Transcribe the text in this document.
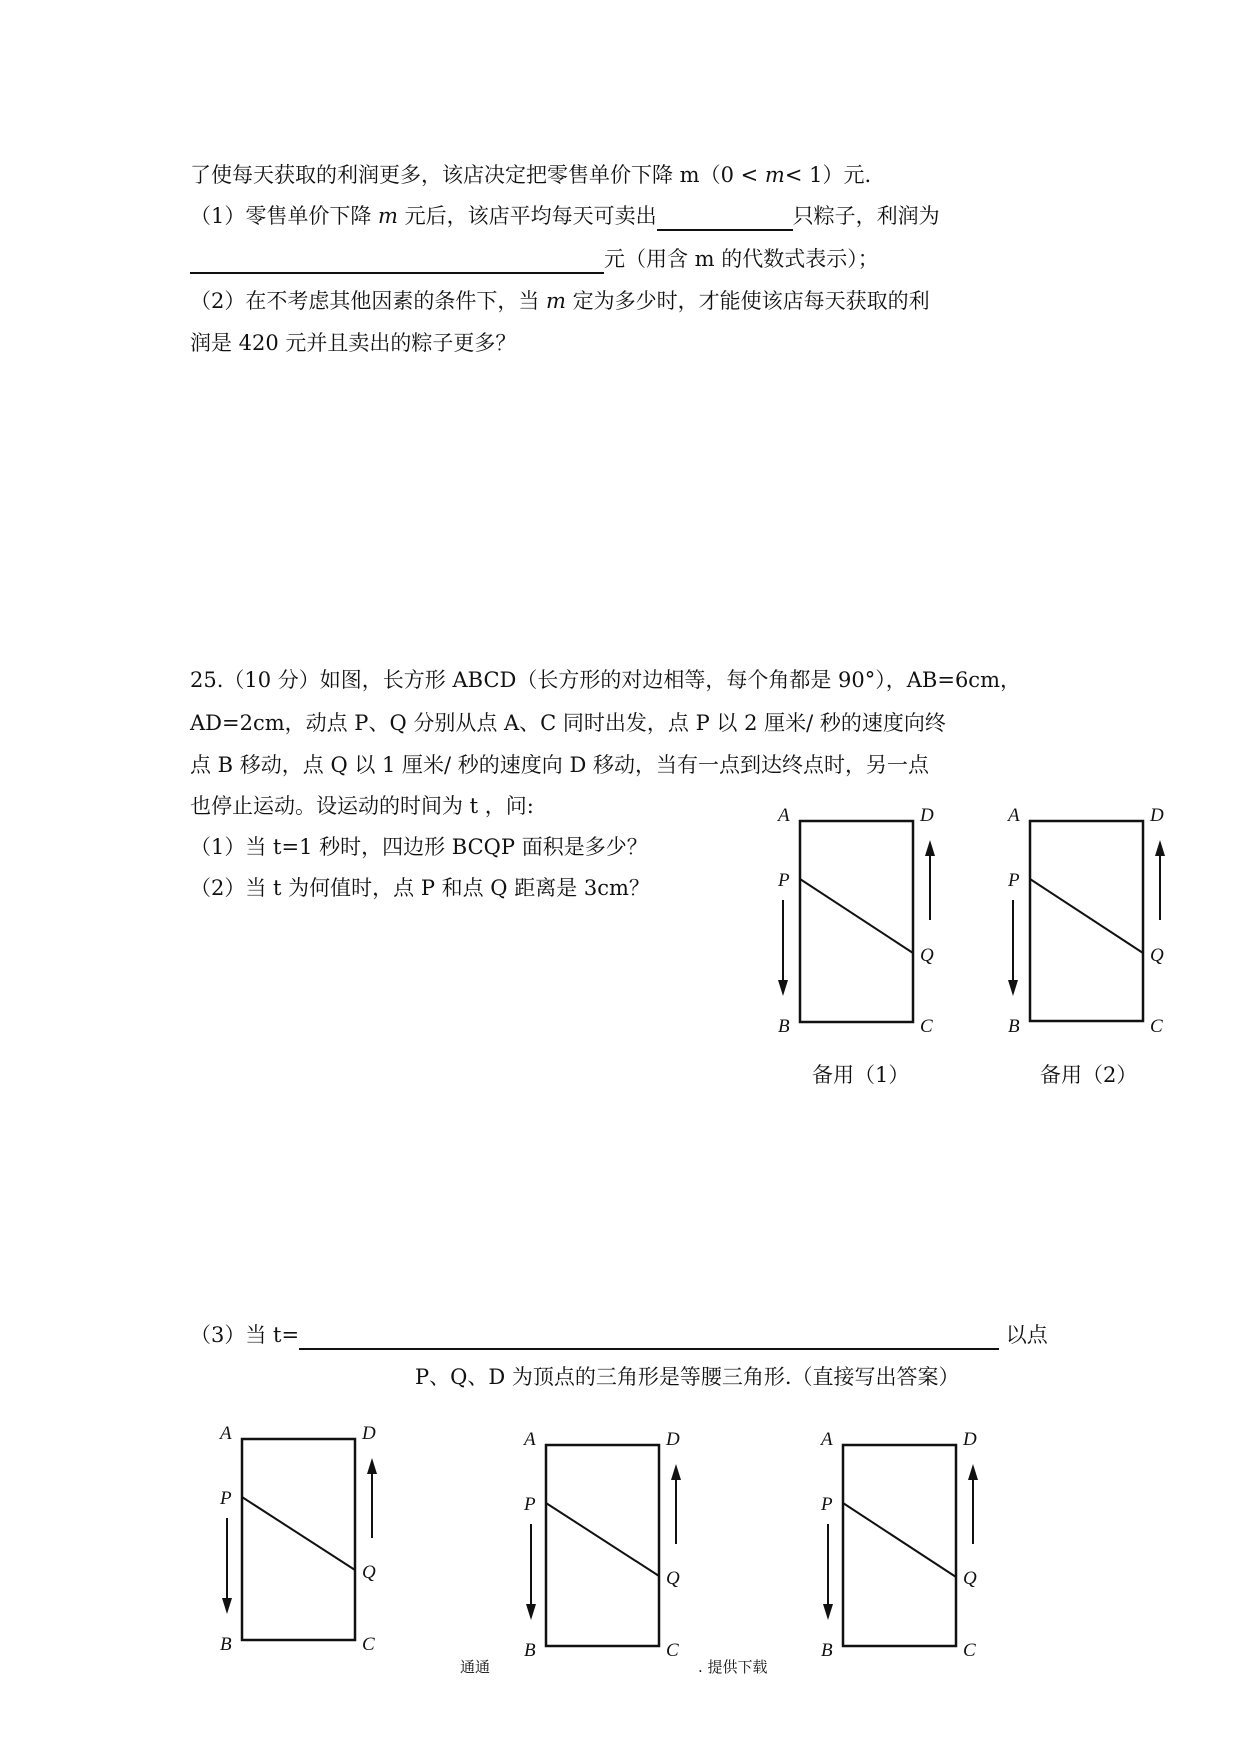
了使每天获取的利润更多，该店决定把零售单价下降 m（0 < m< 1）元.
（1）零售单价下降 m 元后，该店平均每天可卖出	只粽子，利润为
元（用含 m 的代数式表示）；
（2）在不考虑其他因素的条件下，当 m 定为多少时，才能使该店每天获取的利
润是 420 元并且卖出的粽子更多？
25.（10 分）如图，长方形 ABCD（长方形的对边相等，每个角都是 90°），AB=6cm，
AD=2cm，动点 P、Q 分别从点 A、C 同时出发，点 P 以 2 厘米/ 秒的速度向终
点 B 移动，点 Q 以 1 厘米/ 秒的速度向 D 移动，当有一点到达终点时，另一点
也停止运动。设运动的时间为 t ，问:
（1）当 t=1 秒时，四边形 BCQP 面积是多少？
（2）当 t 为何值时，点 P 和点 Q 距离是 3cm？
（3）当 t=	以点
P、Q、D 为顶点的三角形是等腰三角形.（直接写出答案）
A	D
P
Q
B	C
备用（1）
A	D
P
Q
B	C
备用（2）
A	D
P
Q
B	C
A	D
P
Q
B	C
A	D
P
Q
B	C
通通	. 提供下载
